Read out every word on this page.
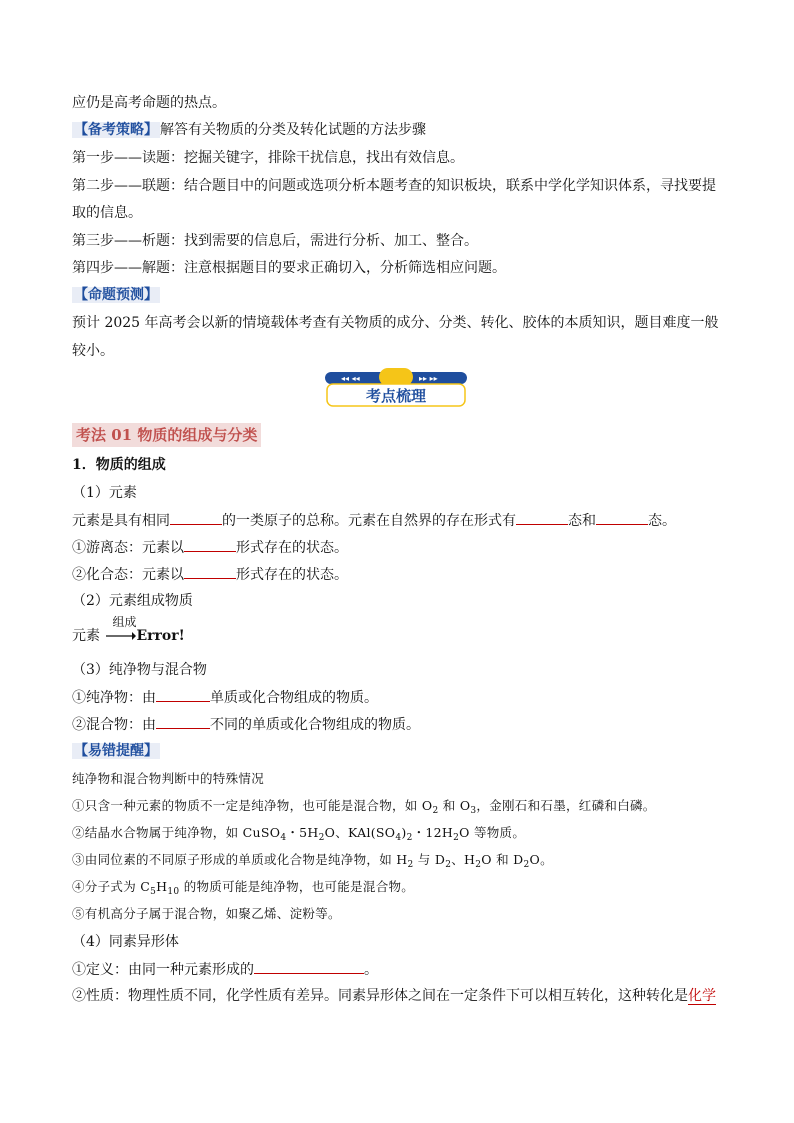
应仍是高考命题的热点。
【备考策略】 解答有关物质的分类及转化试题的方法步骤
第一步——读题：挖掘关键字，排除干扰信息，找出有效信息。
第二步——联题：结合题目中的问题或选项分析本题考查的知识板块，联系中学化学知识体系，寻找要提
取的信息。
第三步——析题：找到需要的信息后，需进行分析、加工、整合。
第四步——解题：注意根据题目的要求正确切入，分析筛选相应问题。
【命题预测】
预计 2025 年高考会以新的情境载体考查有关物质的成分、分类、转化、胶体的本质知识，题目难度一般
较小。
考法 01 物质的组成与分类
1．物质的组成
（1）元素
元素是具有相同	的一类原子的总称。元素在自然界的存在形式有	态和	态。
①游离态：元素以	形式存在的状态。
②化合态：元素以	形式存在的状态。
（2）元素组成物质
元素
组成
Error!
（3）纯净物与混合物
①纯净物：由	单质或化合物组成的物质。
②混合物：由	不同的单质或化合物组成的物质。
【易错提醒】
纯净物和混合物判断中的特殊情况
①只含一种元素的物质不一定是纯净物，也可能是混合物，如 $O_2$ 和 $O_3$，金刚石和石墨，红磷和白磷。
②结晶水合物属于纯净物，如 CuSO$_4$・$5H_2O$、$KAl(SO_4)_2$・$12H_2O$ 等物质。
③由同位素的不同原子形成的单质或化合物是纯净物，如 $H_2$ 与 $D_2$、$H_2O$ 和 $D_2O$。
④分子式为 $C_5H_{10}$ 的物质可能是纯净物，也可能是混合物。
⑤有机高分子属于混合物，如聚乙烯、淀粉等。
（4）同素异形体
①定义：由同一种元素形成的	。
②性质：物理性质不同，化学性质有差异。同素异形体之间在一定条件下可以相互转化，这种转化是化学
◂◂ ◂◂	▸▸ ▸▸
考点梳理
